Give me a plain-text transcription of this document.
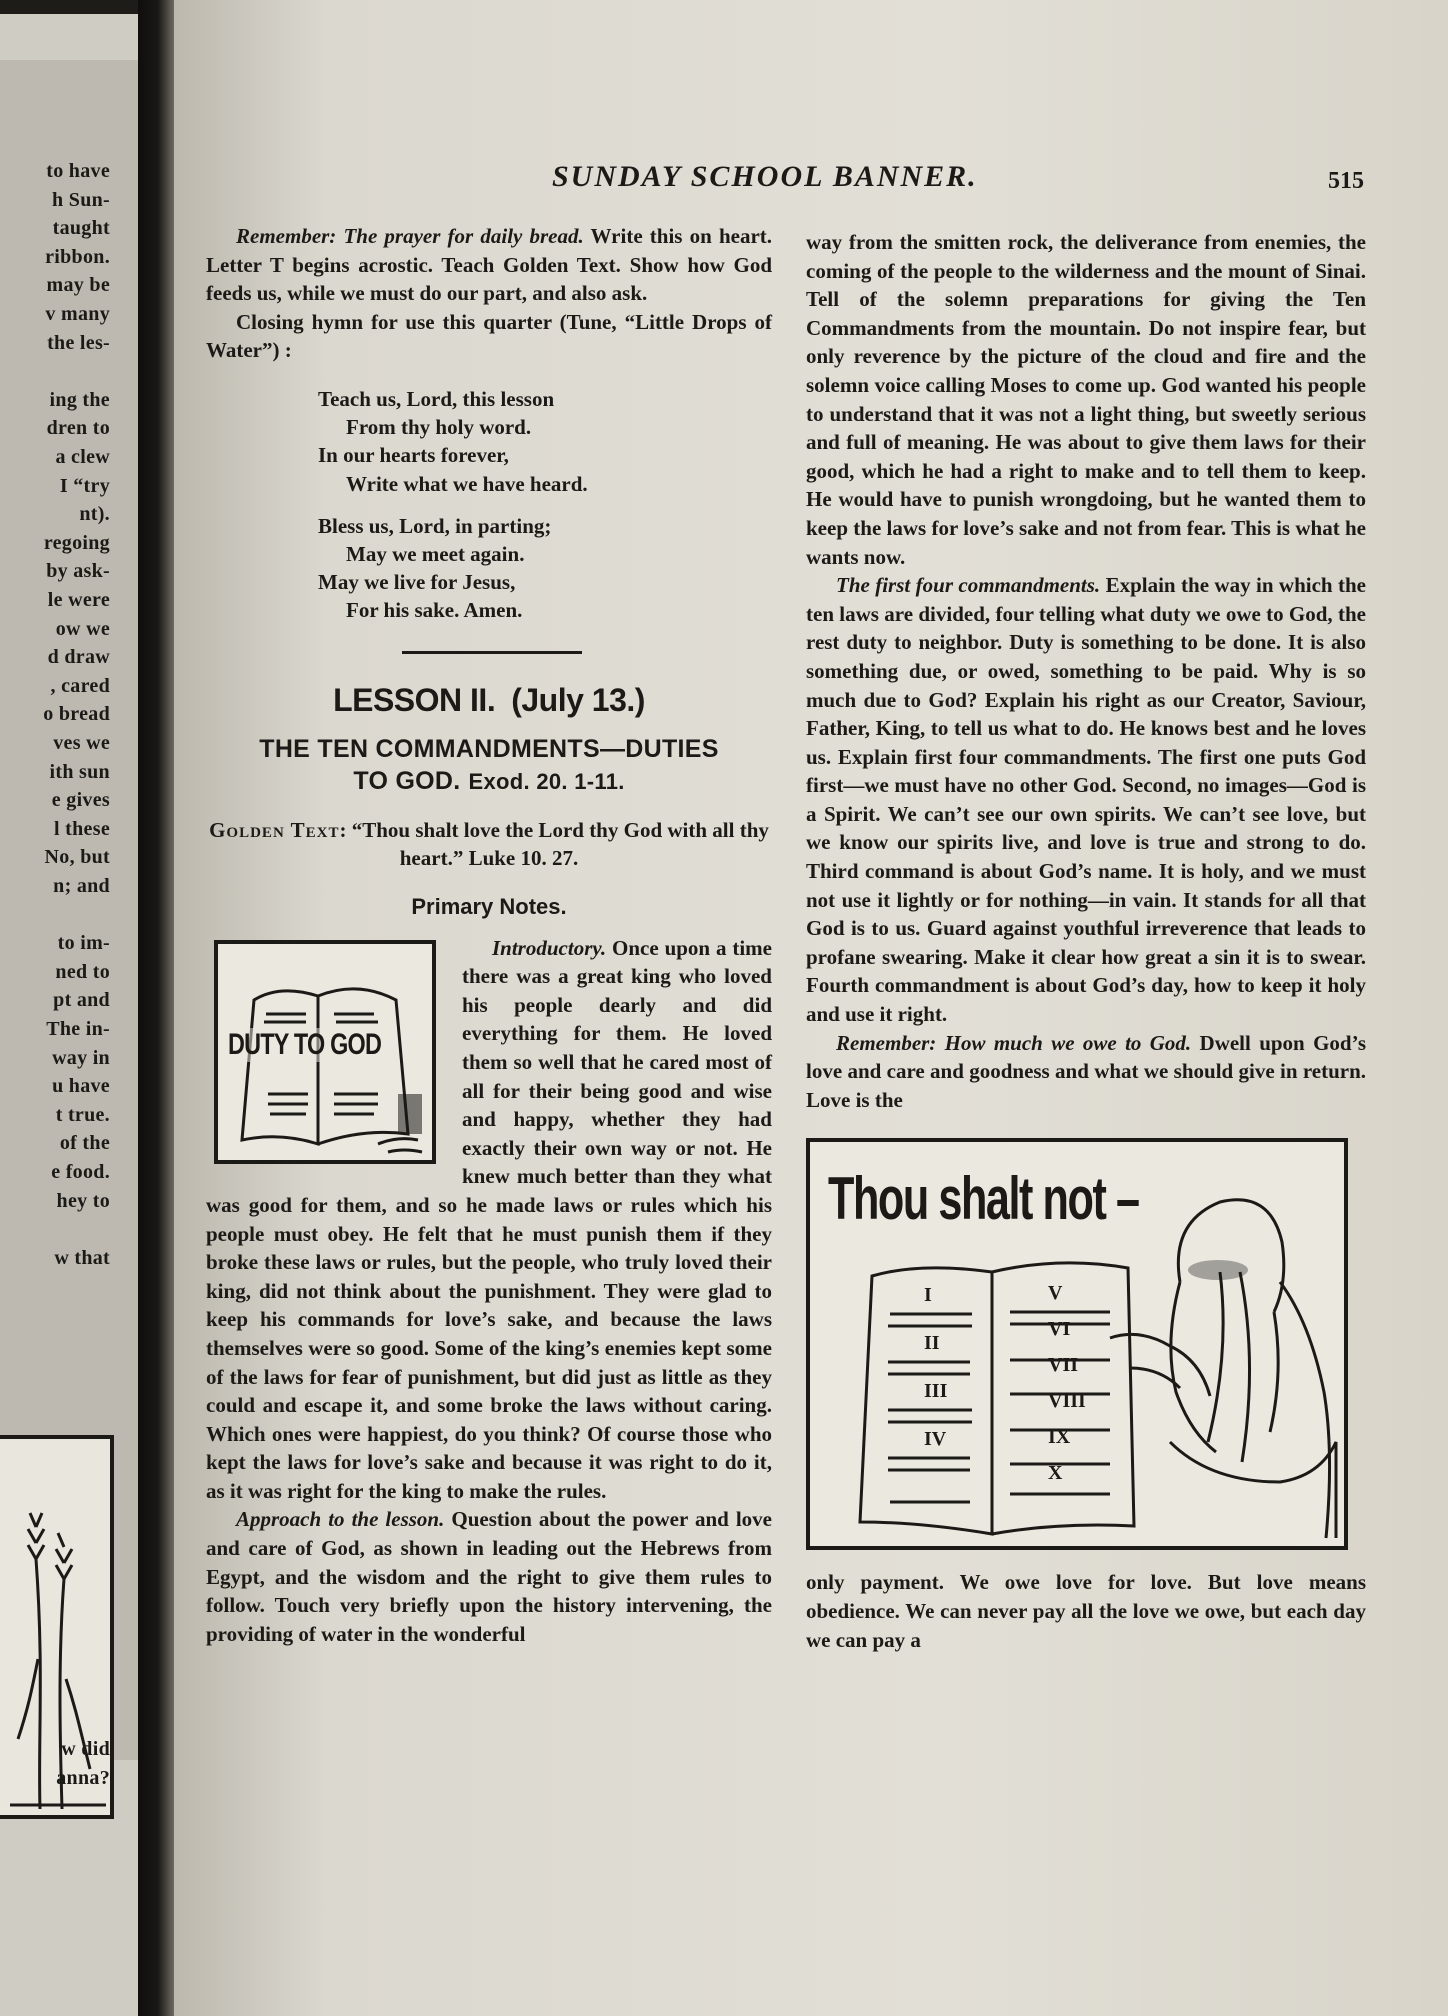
to have
h Sun-
taught
ribbon.
may be
v many
the les-
ing the
dren to
a clew
I “try
nt).
regoing
by ask-
le were
ow we
d draw
, cared
o bread
ves we
ith sun
e gives
l these
No, but
n; and
to im-
ned to
pt and
The in-
way in
u have
t true.
of the
e food.
hey to
w that
w did
anna?
SUNDAY SCHOOL BANNER.	515

Remember: The prayer for daily bread. Write this on heart. Letter T begins acrostic. Teach Golden Text. Show how God feeds us, while we must do our part, and also ask.

Closing hymn for use this quarter (Tune, “Little Drops of Water”) :

Teach us, Lord, this lesson
From thy holy word.
In our hearts forever,
Write what we have heard.
Bless us, Lord, in parting;
May we meet again.
May we live for Jesus,
For his sake. Amen.
LESSON II. (July 13.)
THE TEN COMMANDMENTS—DUTIES
TO GOD. Exod. 20. 1-11.
Golden Text: “Thou shalt love the Lord thy God with all thy heart.” Luke 10. 27.
Primary Notes.
DUTY TO GOD

Introductory. Once upon a time there was a great king who loved his people dearly and did everything for them. He loved them so well that he cared most of all for their being good and wise and happy, whether they had exactly their own way or not. He knew much better than they what was good for them, and so he made laws or rules which his people must obey. He felt that he must punish them if they broke these laws or rules, but the people, who truly loved their king, did not think about the punishment. They were glad to keep his commands for love’s sake, and because the laws themselves were so good. Some of the king’s enemies kept some of the laws for fear of punishment, but did just as little as they could and escape it, and some broke the laws without caring. Which ones were happiest, do you think? Of course those who kept the laws for love’s sake and because it was right to do it, as it was right for the king to make the rules.

Approach to the lesson. Question about the power and love and care of God, as shown in leading out the Hebrews from Egypt, and the wisdom and the right to give them rules to follow. Touch very briefly upon the history intervening, the providing of water in the wonderful

way from the smitten rock, the deliverance from enemies, the coming of the people to the wilderness and the mount of Sinai. Tell of the solemn preparations for giving the Ten Commandments from the mountain. Do not inspire fear, but only reverence by the picture of the cloud and fire and the solemn voice calling Moses to come up. God wanted his people to understand that it was not a light thing, but sweetly serious and full of meaning. He was about to give them laws for their good, which he had a right to make and to tell them to keep. He would have to punish wrongdoing, but he wanted them to keep the laws for love’s sake and not from fear. This is what he wants now.

The first four commandments. Explain the way in which the ten laws are divided, four telling what duty we owe to God, the rest duty to neighbor. Duty is something to be done. It is also something due, or owed, something to be paid. Why is so much due to God? Explain his right as our Creator, Saviour, Father, King, to tell us what to do. He knows best and he loves us. Explain first four commandments. The first one puts God first—we must have no other God. Second, no images—God is a Spirit. We can’t see our own spirits. We can’t see love, but we know our spirits live, and love is true and strong to do. Third command is about God’s name. It is holy, and we must not use it lightly or for nothing—in vain. It stands for all that God is to us. Guard against youthful irreverence that leads to profane swearing. Make it clear how great a sin it is to swear. Fourth commandment is about God’s day, how to keep it holy and use it right.

Remember: How much we owe to God. Dwell upon God’s love and care and goodness and what we should give in return. Love is the

Thou shalt not –
I
II
III
IV
V
VI
VII
VIII
IX
X

only payment. We owe love for love. But love means obedience. We can never pay all the love we owe, but each day we can pay a
